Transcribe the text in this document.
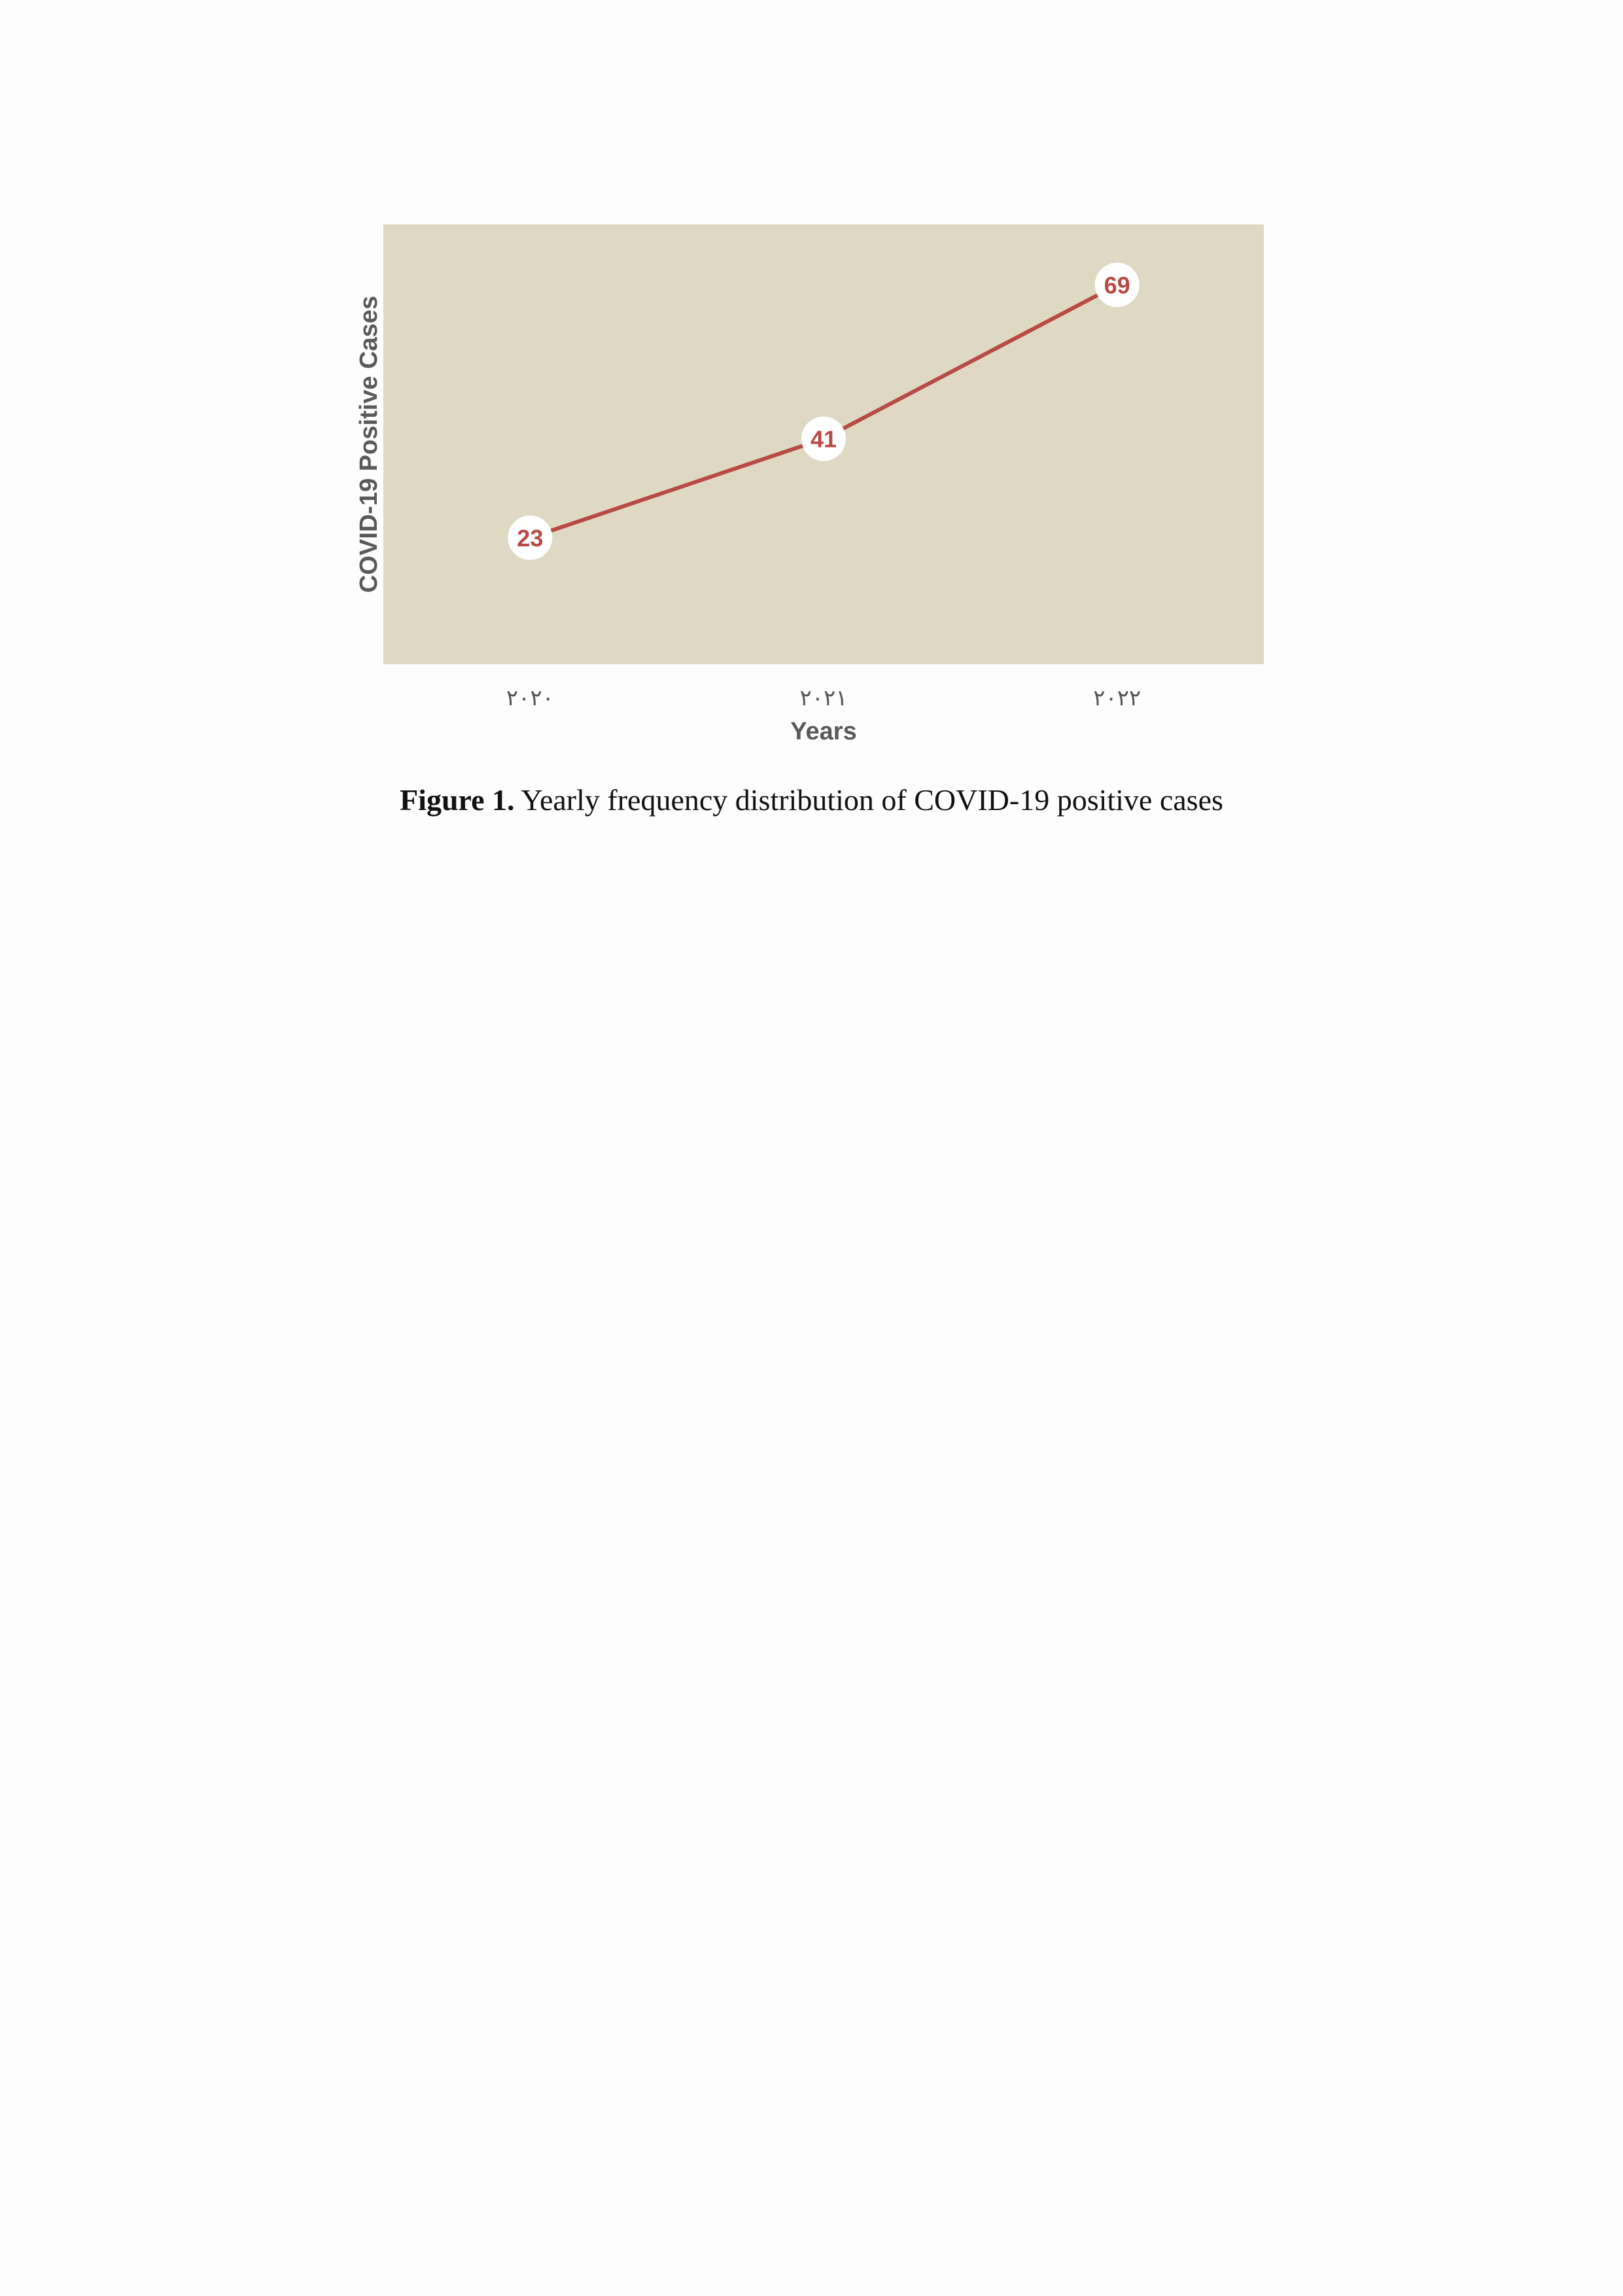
23
41
69
٢٠٢٠	٢٠٢١	٢٠٢٢
Years
COVID-19 Positive Cases
Figure 1. Yearly frequency distribution of COVID-19 positive cases
